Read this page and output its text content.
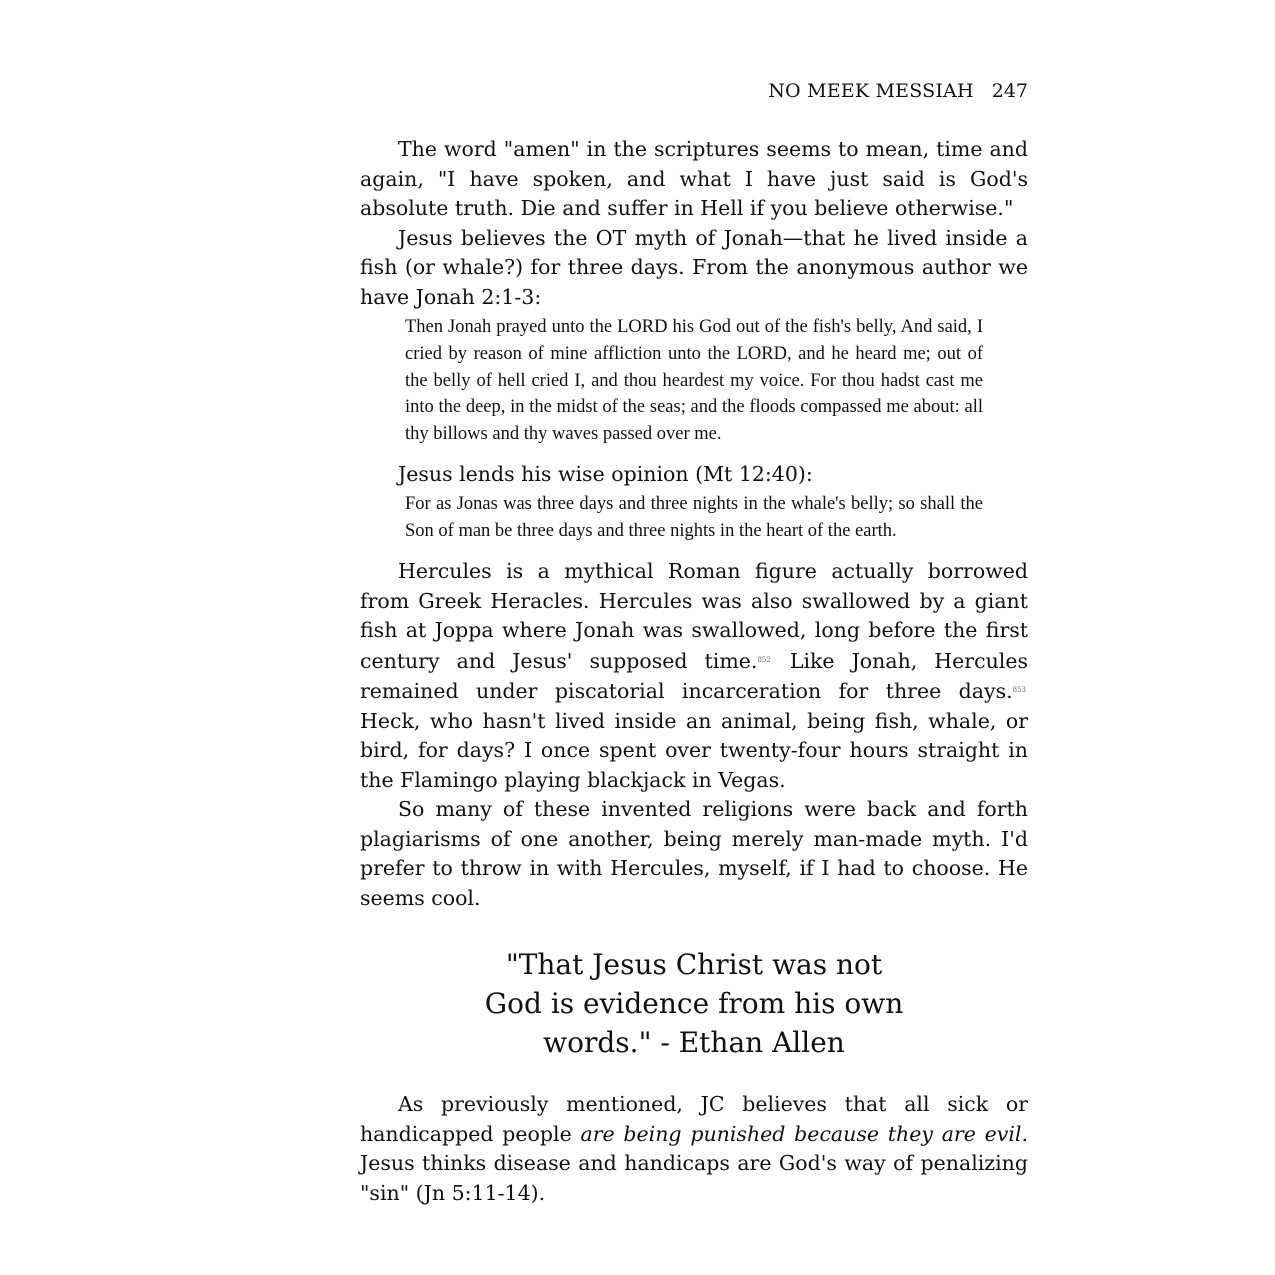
NO MEEK MESSIAH 247

The word "amen" in the scriptures seems to mean, time and again, "I have spoken, and what I have just said is God's absolute truth. Die and suffer in Hell if you believe otherwise."

Jesus believes the OT myth of Jonah—that he lived inside a fish (or whale?) for three days. From the anonymous author we have Jonah 2:1-3:

Then Jonah prayed unto the LORD his God out of the fish's belly, And said, I cried by reason of mine affliction unto the LORD, and he heard me; out of the belly of hell cried I, and thou heardest my voice. For thou hadst cast me into the deep, in the midst of the seas; and the floods compassed me about: all thy billows and thy waves passed over me.

Jesus lends his wise opinion (Mt 12:40):

For as Jonas was three days and three nights in the whale's belly; so shall the Son of man be three days and three nights in the heart of the earth.

Hercules is a mythical Roman figure actually borrowed from Greek Heracles. Hercules was also swallowed by a giant fish at Joppa where Jonah was swallowed, long before the first century and Jesus' supposed time.$^{852}$ Like Jonah, Hercules remained under piscatorial incarceration for three days.$^{853}$ Heck, who hasn't lived inside an animal, being fish, whale, or bird, for days? I once spent over twenty-four hours straight in the Flamingo playing blackjack in Vegas.

So many of these invented religions were back and forth plagiarisms of one another, being merely man-made myth. I'd prefer to throw in with Hercules, myself, if I had to choose. He seems cool.

"That Jesus Christ was not God is evidence from his own words." - Ethan Allen

As previously mentioned, JC believes that all sick or handicapped people are being punished because they are evil. Jesus thinks disease and handicaps are God's way of penalizing "sin" (Jn 5:11-14).
